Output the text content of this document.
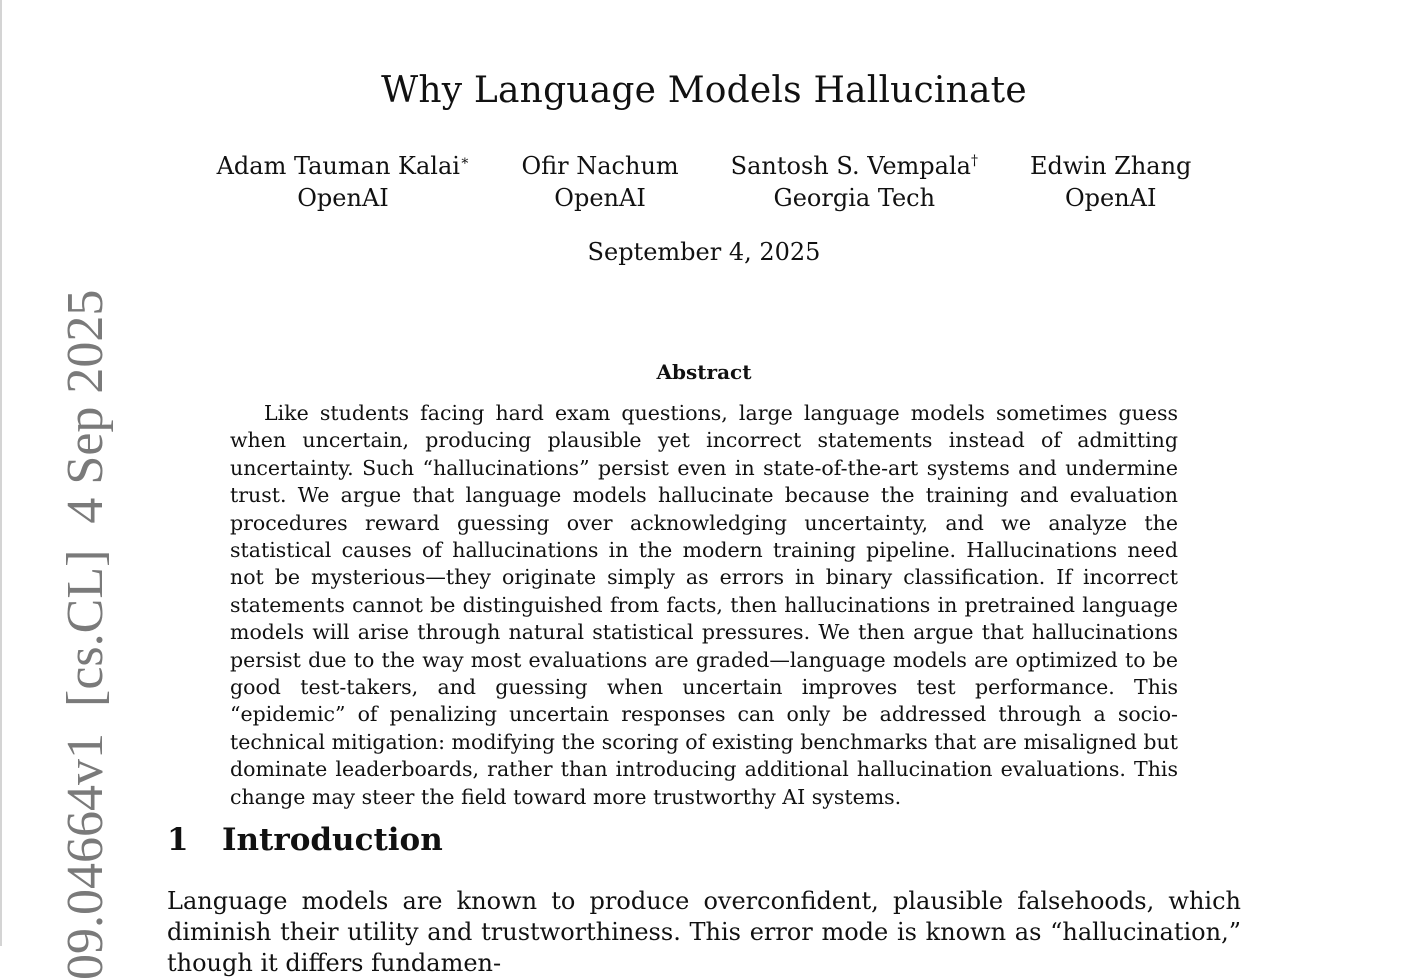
09.04664v1  [cs.CL]  4 Sep 2025
Why Language Models Hallucinate
Adam Tauman Kalai∗
OpenAI
Ofir Nachum
OpenAI
Santosh S. Vempala†
Georgia Tech
Edwin Zhang
OpenAI
September 4, 2025
Abstract

Like students facing hard exam questions, large language models sometimes guess when uncertain, producing plausible yet incorrect statements instead of admitting uncertainty. Such “hallucinations” persist even in state-of-the-art systems and undermine trust. We argue that language models hallucinate because the training and evaluation procedures reward guessing over acknowledging uncertainty, and we analyze the statistical causes of hallucinations in the modern training pipeline. Hallucinations need not be mysterious—they originate simply as errors in binary classification. If incorrect statements cannot be distinguished from facts, then hallucinations in pretrained language models will arise through natural statistical pressures. We then argue that hallucinations persist due to the way most evaluations are graded—language models are optimized to be good test-takers, and guessing when uncertain improves test performance. This “epidemic” of penalizing uncertain responses can only be addressed through a socio-technical mitigation: modifying the scoring of existing benchmarks that are misaligned but dominate leaderboards, rather than introducing additional hallucination evaluations. This change may steer the field toward more trustworthy AI systems.

1 Introduction

Language models are known to produce overconfident, plausible falsehoods, which diminish their utility and trustworthiness. This error mode is known as “hallucination,” though it differs fundamen-
